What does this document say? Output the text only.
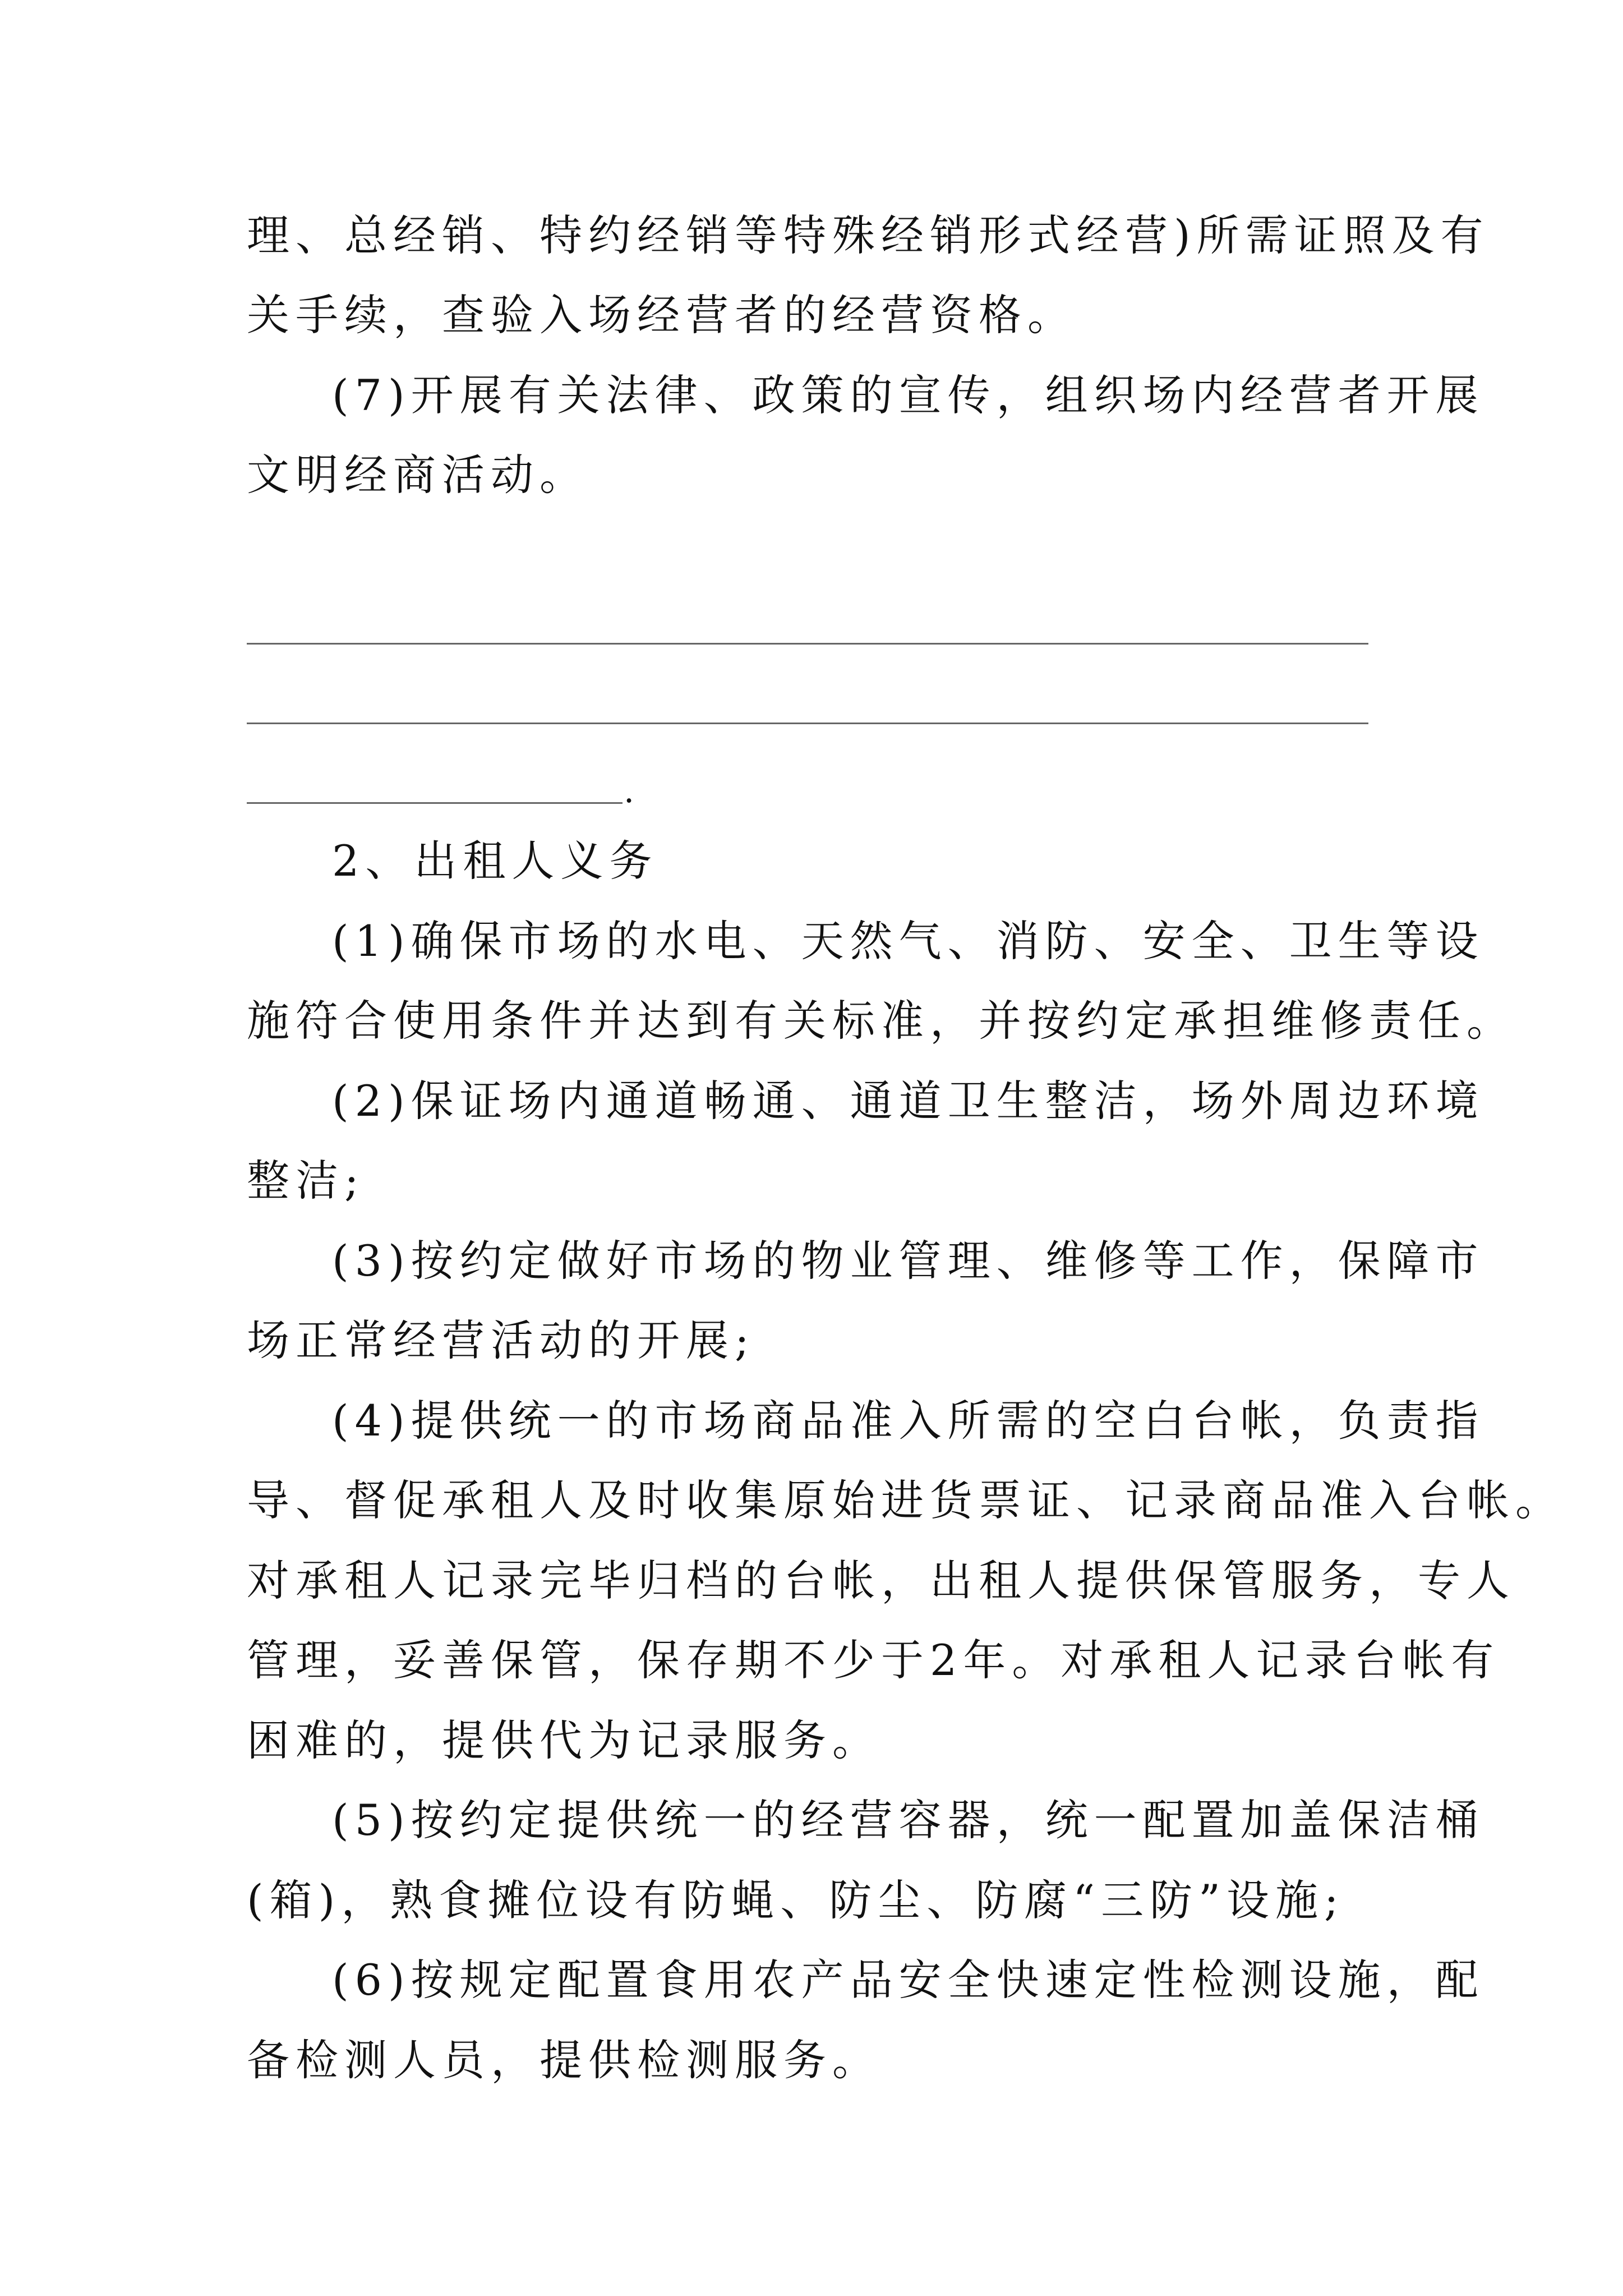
理、总经销、特约经销等特殊经销形式经营)所需证照及有
关手续，查验入场经营者的经营资格。
(7)开展有关法律、政策的宣传，组织场内经营者开展
文明经商活动。
.
2、出租人义务
(1)确保市场的水电、天然气、消防、安全、卫生等设
施符合使用条件并达到有关标准，并按约定承担维修责任。
(2)保证场内通道畅通、通道卫生整洁，场外周边环境
整洁;
(3)按约定做好市场的物业管理、维修等工作，保障市
场正常经营活动的开展;
(4)提供统一的市场商品准入所需的空白台帐，负责指
导、督促承租人及时收集原始进货票证、记录商品准入台帐。
对承租人记录完毕归档的台帐，出租人提供保管服务，专人
管理，妥善保管，保存期不少于2年。对承租人记录台帐有
困难的，提供代为记录服务。
(5)按约定提供统一的经营容器，统一配置加盖保洁桶
(箱)，熟食摊位设有防蝇、防尘、防腐“三防”设施;
(6)按规定配置食用农产品安全快速定性检测设施，配
备检测人员，提供检测服务。
